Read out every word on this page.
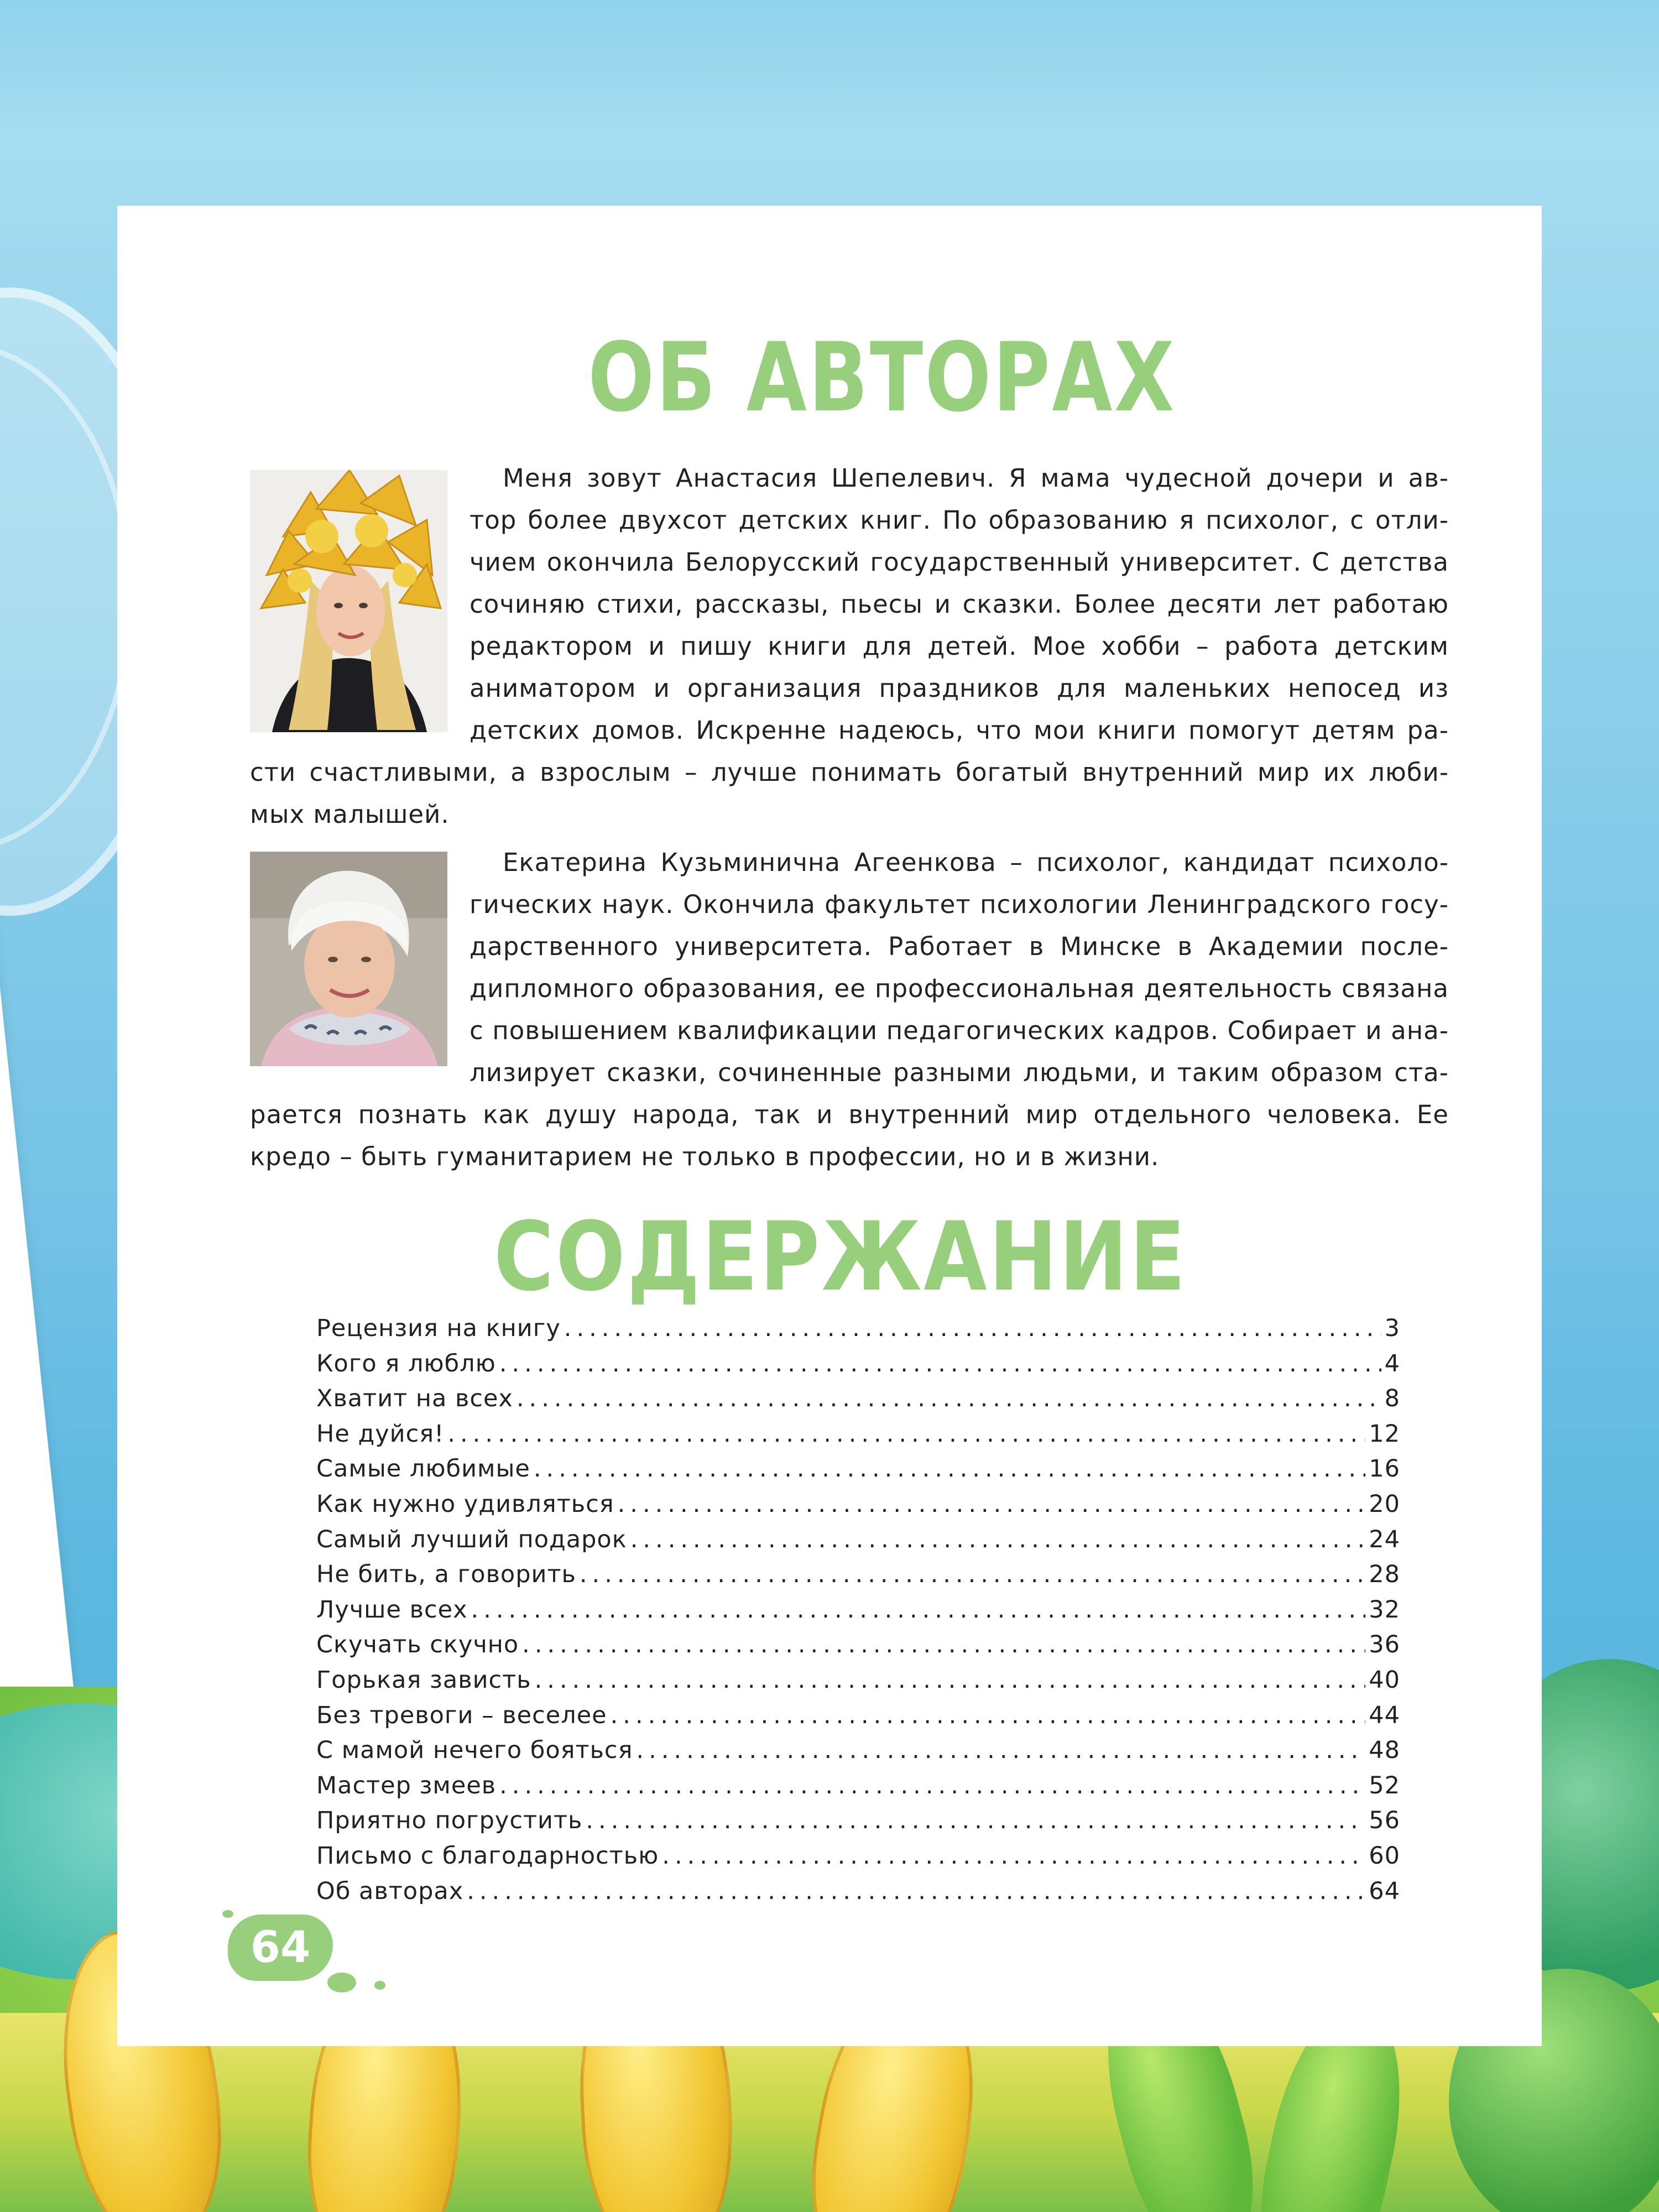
ОБ АВТОРАХ
Меня зовут Анастасия Шепелевич. Я мама чудесной дочери и ав- тор более двухсот детских книг. По образованию я психолог, с отли- чием окончила Белорусский государственный университет. С детства сочиняю стихи, рассказы, пьесы и сказки. Более десяти лет работаю редактором и пишу книги для детей. Мое хобби – работа детским аниматором и организация праздников для маленьких непосед из детских домов. Искренне надеюсь, что мои книги помогут детям ра- сти счастливыми, а взрослым – лучше понимать богатый внутренний мир их люби- мых малышей.
Екатерина Кузьминична Агеенкова – психолог, кандидат психоло- гических наук. Окончила факультет психологии Ленинградского госу- дарственного университета. Работает в Минске в Академии после- дипломного образования, ее профессиональная деятельность связана с повышением квалификации педагогических кадров. Собирает и ана- лизирует сказки, сочиненные разными людьми, и таким образом ста- рается познать как душу народа, так и внутренний мир отдельного человека. Ее кредо – быть гуманитарием не только в профессии, но и в жизни.
СОДЕРЖАНИЕ
Рецензия на книгу .....	3
Кого я люблю .....	4
Хватит на всех .....	8
Не дуйся! .....	12
Самые любимые .....	16
Как нужно удивляться .....	20
Самый лучший подарок .....	24
Не бить, а говорить .....	28
Лучше всех .....	32
Скучать скучно .....	36
Горькая зависть .....	40
Без тревоги – веселее .....	44
С мамой нечего бояться .....	48
Мастер змеев .....	52
Приятно погрустить .....	56
Письмо с благодарностью .....	60
Об авторах .....	64
64
